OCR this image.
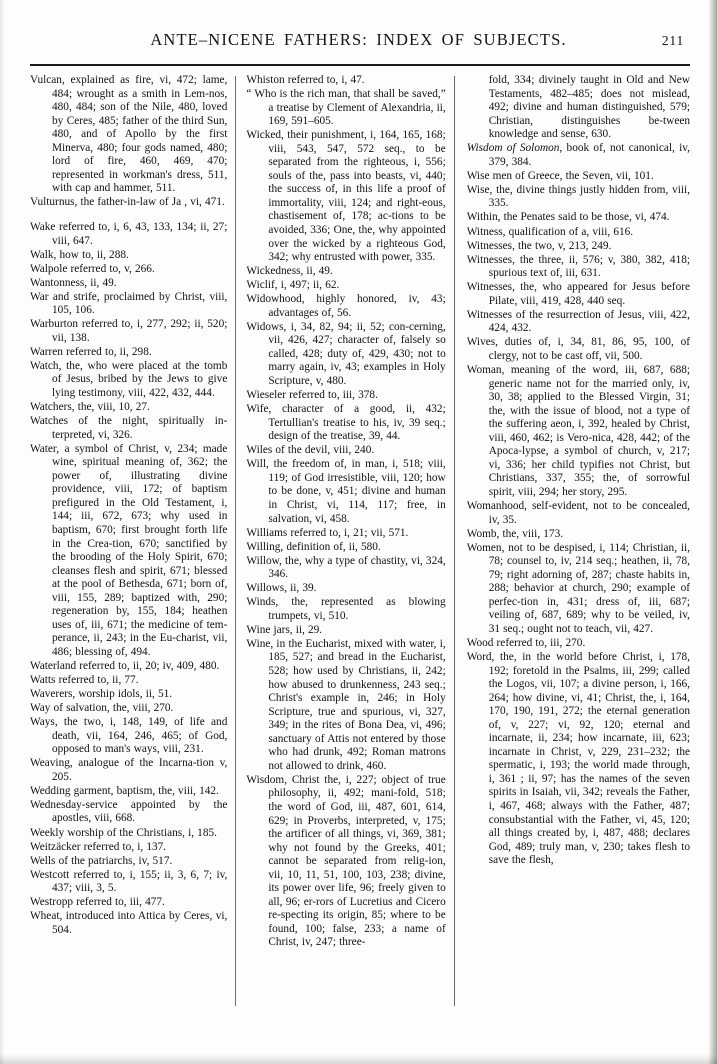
ANTE–NICENE FATHERS: INDEX OF SUBJECTS.	211

Vulcan, explained as fire, vi, 472; lame, 484; wrought as a smith in Lem-nos, 480, 484; son of the Nile, 480, loved by Ceres, 485; father of the third Sun, 480, and of Apollo by the first Minerva, 480; four gods named, 480; lord of fire, 460, 469, 470; represented in workman's dress, 511, with cap and hammer, 511.

Vulturnus, the father-in-law of Ja , vi, 471.

Wake referred to, i, 6, 43, 133, 134; ii, 27; viii, 647.

Walk, how to, ii, 288.

Walpole referred to, v, 266.

Wantonness, ii, 49.

War and strife, proclaimed by Christ, viii, 105, 106.

Warburton referred to, i, 277, 292; ii, 520; vii, 138.

Warren referred to, ii, 298.

Watch, the, who were placed at the tomb of Jesus, bribed by the Jews to give lying testimony, viii, 422, 432, 444.

Watchers, the, viii, 10, 27.

Watches of the night, spiritually in-terpreted, vi, 326.

Water, a symbol of Christ, v, 234; made wine, spiritual meaning of, 362; the power of, illustrating divine providence, viii, 172; of baptism prefigured in the Old Testament, i, 144; iii, 672, 673; why used in baptism, 670; first brought forth life in the Crea-tion, 670; sanctified by the brooding of the Holy Spirit, 670; cleanses flesh and spirit, 671; blessed at the pool of Bethesda, 671; born of, viii, 155, 289; baptized with, 290; regeneration by, 155, 184; heathen uses of, iii, 671; the medicine of tem-perance, ii, 243; in the Eu-charist, vii, 486; blessing of, 494.

Waterland referred to, ii, 20; iv, 409, 480.

Watts referred to, ii, 77.

Waverers, worship idols, ii, 51.

Way of salvation, the, viii, 270.

Ways, the two, i, 148, 149, of life and death, vii, 164, 246, 465; of God, opposed to man's ways, viii, 231.

Weaving, analogue of the Incarna-tion v, 205.

Wedding garment, baptism, the, viii, 142.

Wednesday-service appointed by the apostles, viii, 668.

Weekly worship of the Christians, i, 185.

Weitzäcker referred to, i, 137.

Wells of the patriarchs, iv, 517.

Westcott referred to, i, 155; ii, 3, 6, 7; iv, 437; viii, 3, 5.

Westropp referred to, iii, 477.

Wheat, introduced into Attica by Ceres, vi, 504.

Whiston referred to, i, 47.

“ Who is the rich man, that shall be saved,” a treatise by Clement of Alexandria, ii, 169, 591–605.

Wicked, their punishment, i, 164, 165, 168; viii, 543, 547, 572 seq., to be separated from the righteous, i, 556; souls of the, pass into beasts, vi, 440; the success of, in this life a proof of immortality, viii, 124; and right-eous, chastisement of, 178; ac-tions to be avoided, 336; One, the, why appointed over the wicked by a righteous God, 342; why entrusted with power, 335.

Wickedness, ii, 49.

Wiclif, i, 497; ii, 62.

Widowhood, highly honored, iv, 43; advantages of, 56.

Widows, i, 34, 82, 94; ii, 52; con-cerning, vii, 426, 427; character of, falsely so called, 428; duty of, 429, 430; not to marry again, iv, 43; examples in Holy Scripture, v, 480.

Wieseler referred to, iii, 378.

Wife, character of a good, ii, 432; Tertullian's treatise to his, iv, 39 seq.; design of the treatise, 39, 44.

Wiles of the devil, viii, 240.

Will, the freedom of, in man, i, 518; viii, 119; of God irresistible, viii, 120; how to be done, v, 451; divine and human in Christ, vi, 114, 117; free, in salvation, vi, 458.

Williams referred to, i, 21; vii, 571.

Willing, definition of, ii, 580.

Willow, the, why a type of chastity, vi, 324, 346.

Willows, ii, 39.

Winds, the, represented as blowing trumpets, vi, 510.

Wine jars, ii, 29.

Wine, in the Eucharist, mixed with water, i, 185, 527; and bread in the Eucharist, 528; how used by Christians, ii, 242; how abused to drunkenness, 243 seq.; Christ's example in, 246; in Holy Scripture, true and spurious, vi, 327, 349; in the rites of Bona Dea, vi, 496; sanctuary of Attis not entered by those who had drunk, 492; Roman matrons not allowed to drink, 460.

Wisdom, Christ the, i, 227; object of true philosophy, ii, 492; mani-fold, 518; the word of God, iii, 487, 601, 614, 629; in Proverbs, interpreted, v, 175; the artificer of all things, vi, 369, 381; why not found by the Greeks, 401; cannot be separated from relig-ion, vii, 10, 11, 51, 100, 103, 238; divine, its power over life, 96; freely given to all, 96; er-rors of Lucretius and Cicero re-specting its origin, 85; where to be found, 100; false, 233; a name of Christ, iv, 247; three-

fold, 334; divinely taught in Old and New Testaments, 482–485; does not mislead, 492; divine and human distinguished, 579; Christian, distinguishes be-tween knowledge and sense, 630.

Wisdom of Solomon, book of, not canonical, iv, 379, 384.

Wise men of Greece, the Seven, vii, 101.

Wise, the, divine things justly hidden from, viii, 335.

Within, the Penates said to be those, vi, 474.

Witness, qualification of a, viii, 616.

Witnesses, the two, v, 213, 249.

Witnesses, the three, ii, 576; v, 380, 382, 418; spurious text of, iii, 631.

Witnesses, the, who appeared for Jesus before Pilate, viii, 419, 428, 440 seq.

Witnesses of the resurrection of Jesus, viii, 422, 424, 432.

Wives, duties of, i, 34, 81, 86, 95, 100, of clergy, not to be cast off, vii, 500.

Woman, meaning of the word, iii, 687, 688; generic name not for the married only, iv, 30, 38; applied to the Blessed Virgin, 31; the, with the issue of blood, not a type of the suffering aeon, i, 392, healed by Christ, viii, 460, 462; is Vero-nica, 428, 442; of the Apoca-lypse, a symbol of church, v, 217; vi, 336; her child typifies not Christ, but Christians, 337, 355; the, of sorrowful spirit, viii, 294; her story, 295.

Womanhood, self-evident, not to be concealed, iv, 35.

Womb, the, viii, 173.

Women, not to be despised, i, 114; Christian, ii, 78; counsel to, iv, 214 seq.; heathen, ii, 78, 79; right adorning of, 287; chaste habits in, 288; behavior at church, 290; example of perfec-tion in, 431; dress of, iii, 687; veiling of, 687, 689; why to be veiled, iv, 31 seq.; ought not to teach, vii, 427.

Wood referred to, iii, 270.

Word, the, in the world before Christ, i, 178, 192; foretold in the Psalms, iii, 299; called the Logos, vii, 107; a divine person, i, 166, 264; how divine, vi, 41; Christ, the, i, 164, 170, 190, 191, 272; the eternal generation of, v, 227; vi, 92, 120; eternal and incarnate, ii, 234; how incarnate, iii, 623; incarnate in Christ, v, 229, 231–232; the spermatic, i, 193; the world made through, i, 361 ; ii, 97; has the names of the seven spirits in Isaiah, vii, 342; reveals the Father, i, 467, 468; always with the Father, 487; consubstantial with the Father, vi, 45, 120; all things created by, i, 487, 488; declares God, 489; truly man, v, 230; takes flesh to save the flesh,
